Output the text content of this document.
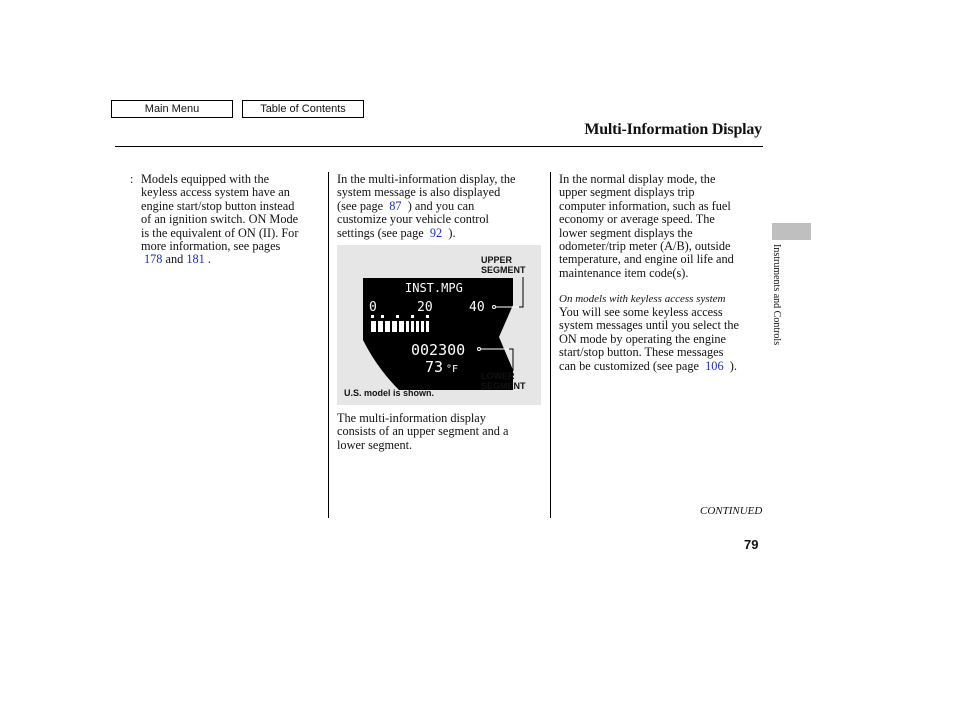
Main Menu	Table of Contents
Multi-Information Display
: Models equipped with the
keyless access system have an
engine start/stop button instead
of an ignition switch. ON Mode
is the equivalent of ON (II). For
more information, see pages
178 and 181 .
In the multi-information display, the
system message is also displayed
(see page 87 ) and you can
customize your vehicle control
settings (see page 92 ).
INST.MPG
0	20	40
002300
73 °F
UPPER
SEGMENT
LOWER
SEGMENT
U.S. model is shown.
The multi-information display
consists of an upper segment and a
lower segment.
In the normal display mode, the
upper segment displays trip
computer information, such as fuel
economy or average speed. The
lower segment displays the
odometer/trip meter (A/B), outside
temperature, and engine oil life and
maintenance item code(s).
On models with keyless access system
You will see some keyless access
system messages until you select the
ON mode by operating the engine
start/stop button. These messages
can be customized (see page 106 ).
Instruments and Controls
CONTINUED
79
